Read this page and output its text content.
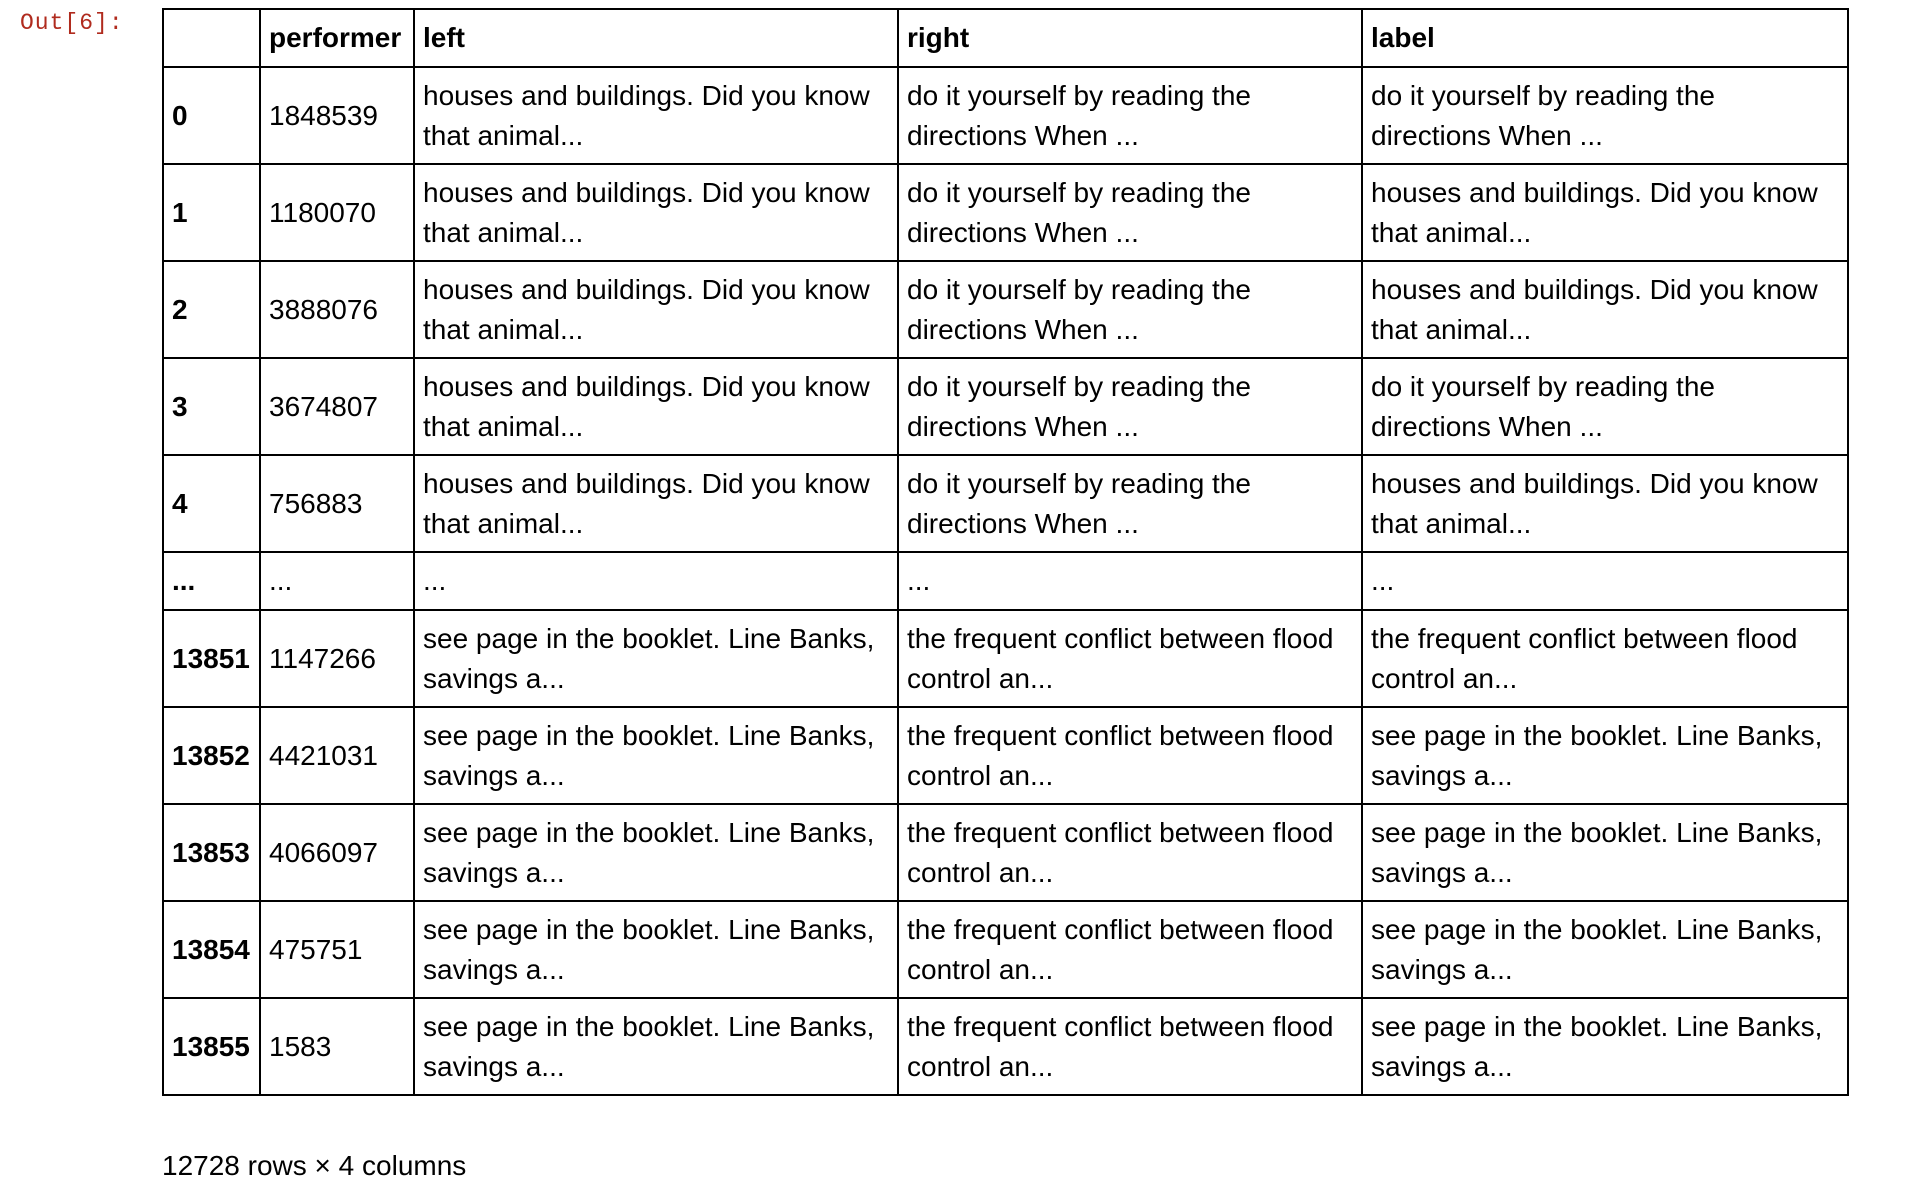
Out[6]:
		performer	left	right	label
0	1848539	houses and buildings. Did you know that animal...	do it yourself by reading the directions When ...	do it yourself by reading the directions When ...
1	1180070	houses and buildings. Did you know that animal...	do it yourself by reading the directions When ...	houses and buildings. Did you know that animal...
2	3888076	houses and buildings. Did you know that animal...	do it yourself by reading the directions When ...	houses and buildings. Did you know that animal...
3	3674807	houses and buildings. Did you know that animal...	do it yourself by reading the directions When ...	do it yourself by reading the directions When ...
4	756883	houses and buildings. Did you know that animal...	do it yourself by reading the directions When ...	houses and buildings. Did you know that animal...
...	...	...	...	...
13851	1147266	see page in the booklet. Line Banks, savings a...	the frequent conflict between flood control an...	the frequent conflict between flood control an...
13852	4421031	see page in the booklet. Line Banks, savings a...	the frequent conflict between flood control an...	see page in the booklet. Line Banks, savings a...
13853	4066097	see page in the booklet. Line Banks, savings a...	the frequent conflict between flood control an...	see page in the booklet. Line Banks, savings a...
13854	475751	see page in the booklet. Line Banks, savings a...	the frequent conflict between flood control an...	see page in the booklet. Line Banks, savings a...
13855	1583	see page in the booklet. Line Banks, savings a...	the frequent conflict between flood control an...	see page in the booklet. Line Banks, savings a...
12728 rows × 4 columns
